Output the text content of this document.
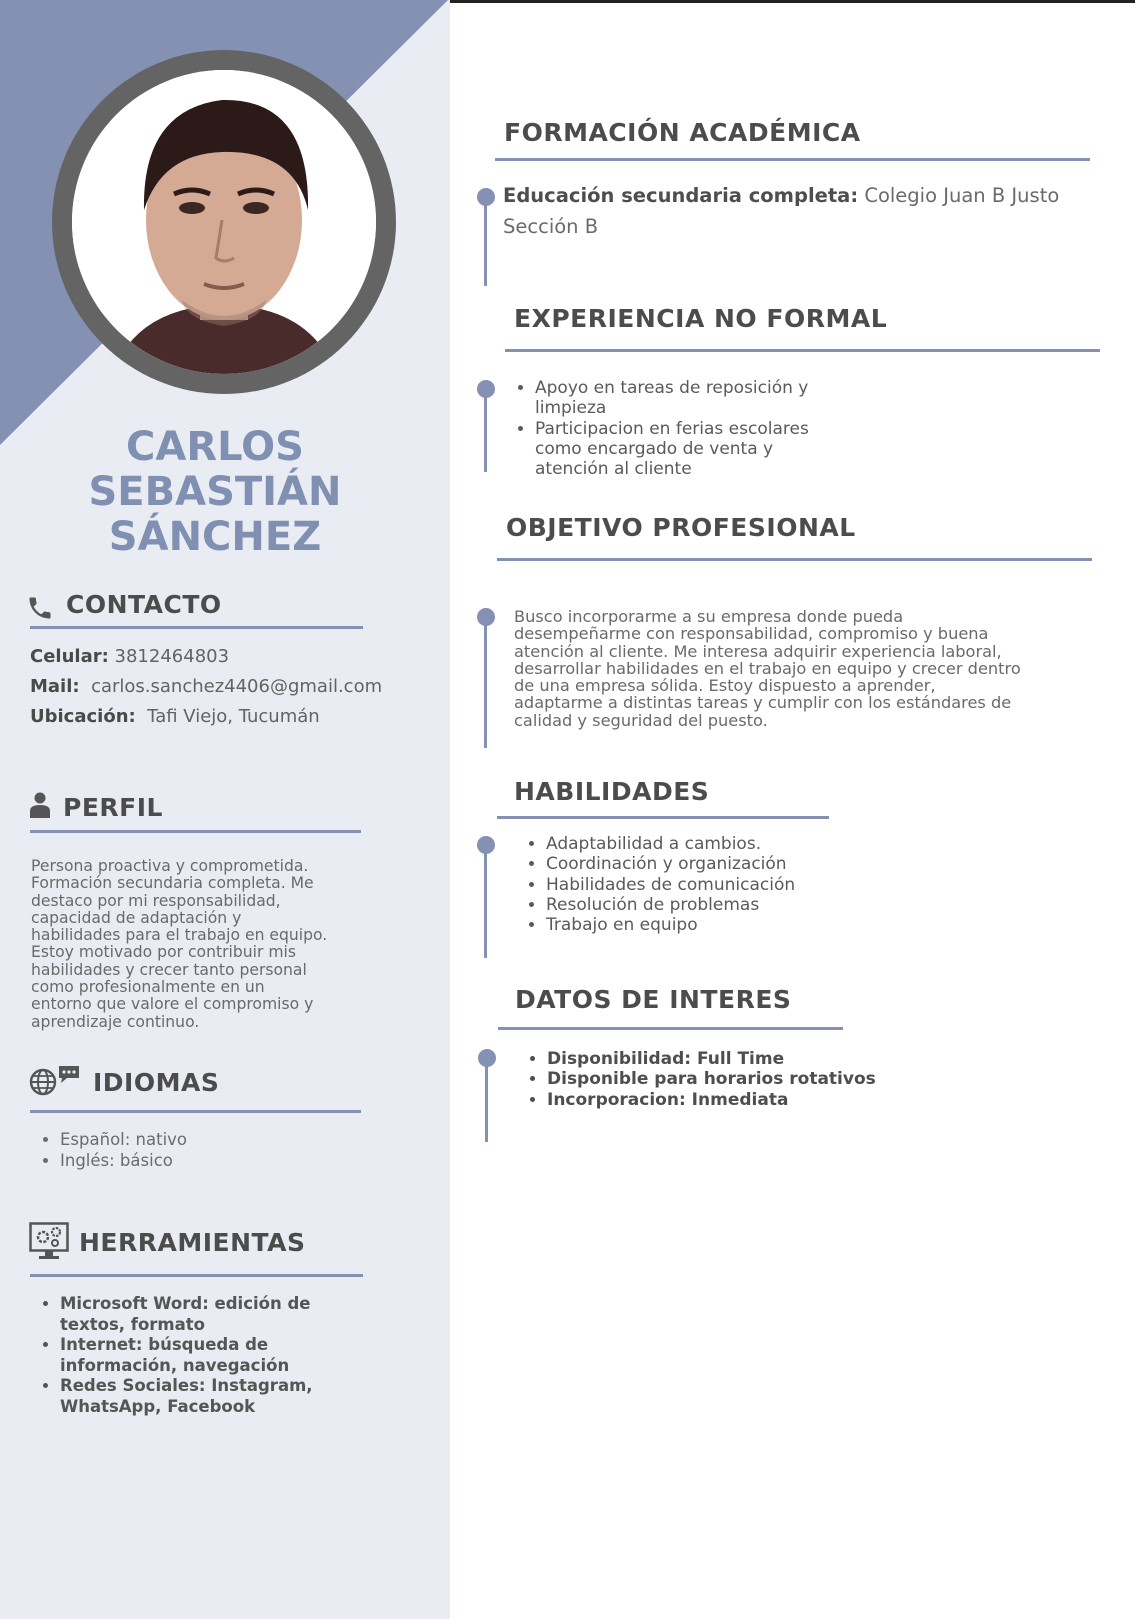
CARLOS
SEBASTIÁN
SÁNCHEZ
CONTACTO

Celular: 3812464803

Mail: carlos.sanchez4406@gmail.com

Ubicación: Tafi Viejo, Tucumán

PERFIL

Persona proactiva y comprometida.
Formación secundaria completa. Me
destaco por mi responsabilidad,
capacidad de adaptación y
habilidades para el trabajo en equipo.
Estoy motivado por contribuir mis
habilidades y crecer tanto personal
como profesionalmente en un
entorno que valore el compromiso y
aprendizaje continuo.

IDIOMAS
• Español: nativo
• Inglés: básico
HERRAMIENTAS
• Microsoft Word: edición de
textos, formato
• Internet: búsqueda de
información, navegación
• Redes Sociales: Instagram,
WhatsApp, Facebook
FORMACIÓN ACADÉMICA

Educación secundaria completa: Colegio Juan B Justo
Sección B

EXPERIENCIA NO FORMAL
• Apoyo en tareas de reposición y
limpieza
• Participacion en ferias escolares
como encargado de venta y
atención al cliente
OBJETIVO PROFESIONAL

Busco incorporarme a su empresa donde pueda
desempeñarme con responsabilidad, compromiso y buena
atención al cliente. Me interesa adquirir experiencia laboral,
desarrollar habilidades en el trabajo en equipo y crecer dentro
de una empresa sólida. Estoy dispuesto a aprender,
adaptarme a distintas tareas y cumplir con los estándares de
calidad y seguridad del puesto.

HABILIDADES
• Adaptabilidad a cambios.
• Coordinación y organización
• Habilidades de comunicación
• Resolución de problemas
• Trabajo en equipo
DATOS DE INTERES
• Disponibilidad: Full Time
• Disponible para horarios rotativos
• Incorporacion: Inmediata
